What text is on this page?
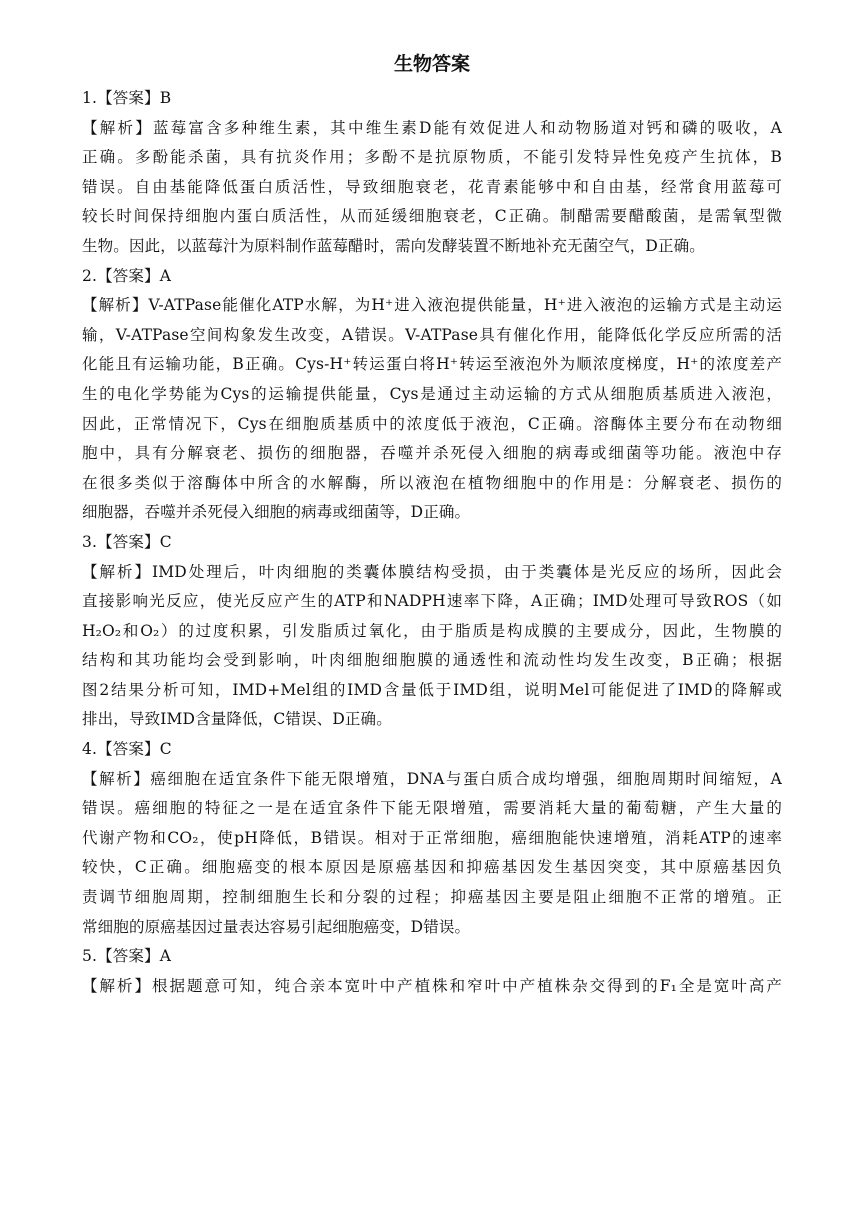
生物答案
1.【答案】B
【解析】蓝莓富含多种维生素，其中维生素D能有效促进人和动物肠道对钙和磷的吸收，A
正确。多酚能杀菌，具有抗炎作用；多酚不是抗原物质，不能引发特异性免疫产生抗体，B
错误。自由基能降低蛋白质活性，导致细胞衰老，花青素能够中和自由基，经常食用蓝莓可
较长时间保持细胞内蛋白质活性，从而延缓细胞衰老，C正确。制醋需要醋酸菌，是需氧型微
生物。因此，以蓝莓汁为原料制作蓝莓醋时，需向发酵装置不断地补充无菌空气，D正确。
2.【答案】A
【解析】V-ATPase能催化ATP水解，为H⁺进入液泡提供能量，H⁺进入液泡的运输方式是主动运
输，V-ATPase空间构象发生改变，A错误。V-ATPase具有催化作用，能降低化学反应所需的活
化能且有运输功能，B正确。Cys-H⁺转运蛋白将H⁺转运至液泡外为顺浓度梯度，H⁺的浓度差产
生的电化学势能为Cys的运输提供能量，Cys是通过主动运输的方式从细胞质基质进入液泡，
因此，正常情况下，Cys在细胞质基质中的浓度低于液泡，C正确。溶酶体主要分布在动物细
胞中，具有分解衰老、损伤的细胞器，吞噬并杀死侵入细胞的病毒或细菌等功能。液泡中存
在很多类似于溶酶体中所含的水解酶，所以液泡在植物细胞中的作用是：分解衰老、损伤的
细胞器，吞噬并杀死侵入细胞的病毒或细菌等，D正确。
3.【答案】C
【解析】IMD处理后，叶肉细胞的类囊体膜结构受损，由于类囊体是光反应的场所，因此会
直接影响光反应，使光反应产生的ATP和NADPH速率下降，A正确；IMD处理可导致ROS（如
H₂O₂和O₂）的过度积累，引发脂质过氧化，由于脂质是构成膜的主要成分，因此，生物膜的
结构和其功能均会受到影响，叶肉细胞细胞膜的通透性和流动性均发生改变，B正确；根据
图2结果分析可知，IMD+Mel组的IMD含量低于IMD组，说明Mel可能促进了IMD的降解或
排出，导致IMD含量降低，C错误、D正确。
4.【答案】C
【解析】癌细胞在适宜条件下能无限增殖，DNA与蛋白质合成均增强，细胞周期时间缩短，A
错误。癌细胞的特征之一是在适宜条件下能无限增殖，需要消耗大量的葡萄糖，产生大量的
代谢产物和CO₂，使pH降低，B错误。相对于正常细胞，癌细胞能快速增殖，消耗ATP的速率
较快，C正确。细胞癌变的根本原因是原癌基因和抑癌基因发生基因突变，其中原癌基因负
责调节细胞周期，控制细胞生长和分裂的过程；抑癌基因主要是阻止细胞不正常的增殖。正
常细胞的原癌基因过量表达容易引起细胞癌变，D错误。
5.【答案】A
【解析】根据题意可知，纯合亲本宽叶中产植株和窄叶中产植株杂交得到的F₁全是宽叶高产
